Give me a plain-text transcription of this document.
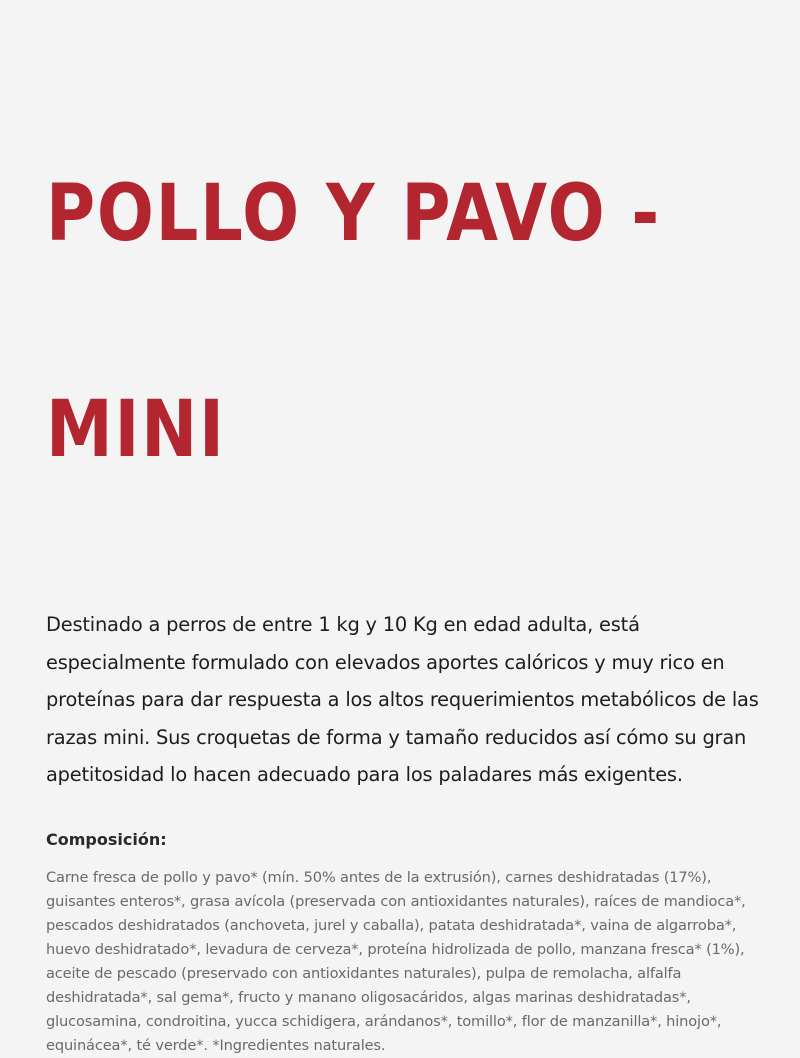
POLLO Y PAVO -

MINI

Destinado a perros de entre 1 kg y 10 Kg en edad adulta, está especialmente formulado con elevados aportes calóricos y muy rico en proteínas para dar respuesta a los altos requerimientos metabólicos de las razas mini. Sus croquetas de forma y tamaño reducidos así cómo su gran apetitosidad lo hacen adecuado para los paladares más exigentes.

Composición:

Carne fresca de pollo y pavo* (mín. 50% antes de la extrusión), carnes deshidratadas (17%), guisantes enteros*, grasa avícola (preservada con antioxidantes naturales), raíces de mandioca*, pescados deshidratados (anchoveta, jurel y caballa), patata deshidratada*, vaina de algarroba*, huevo deshidratado*, levadura de cerveza*, proteína hidrolizada de pollo, manzana fresca* (1%), aceite de pescado (preservado con antioxidantes naturales), pulpa de remolacha, alfalfa deshidratada*, sal gema*, fructo y manano oligosacáridos, algas marinas deshidratadas*, glucosamina, condroitina, yucca schidigera, arándanos*, tomillo*, flor de manzanilla*, hinojo*, equinácea*, té verde*. *Ingredientes naturales.
